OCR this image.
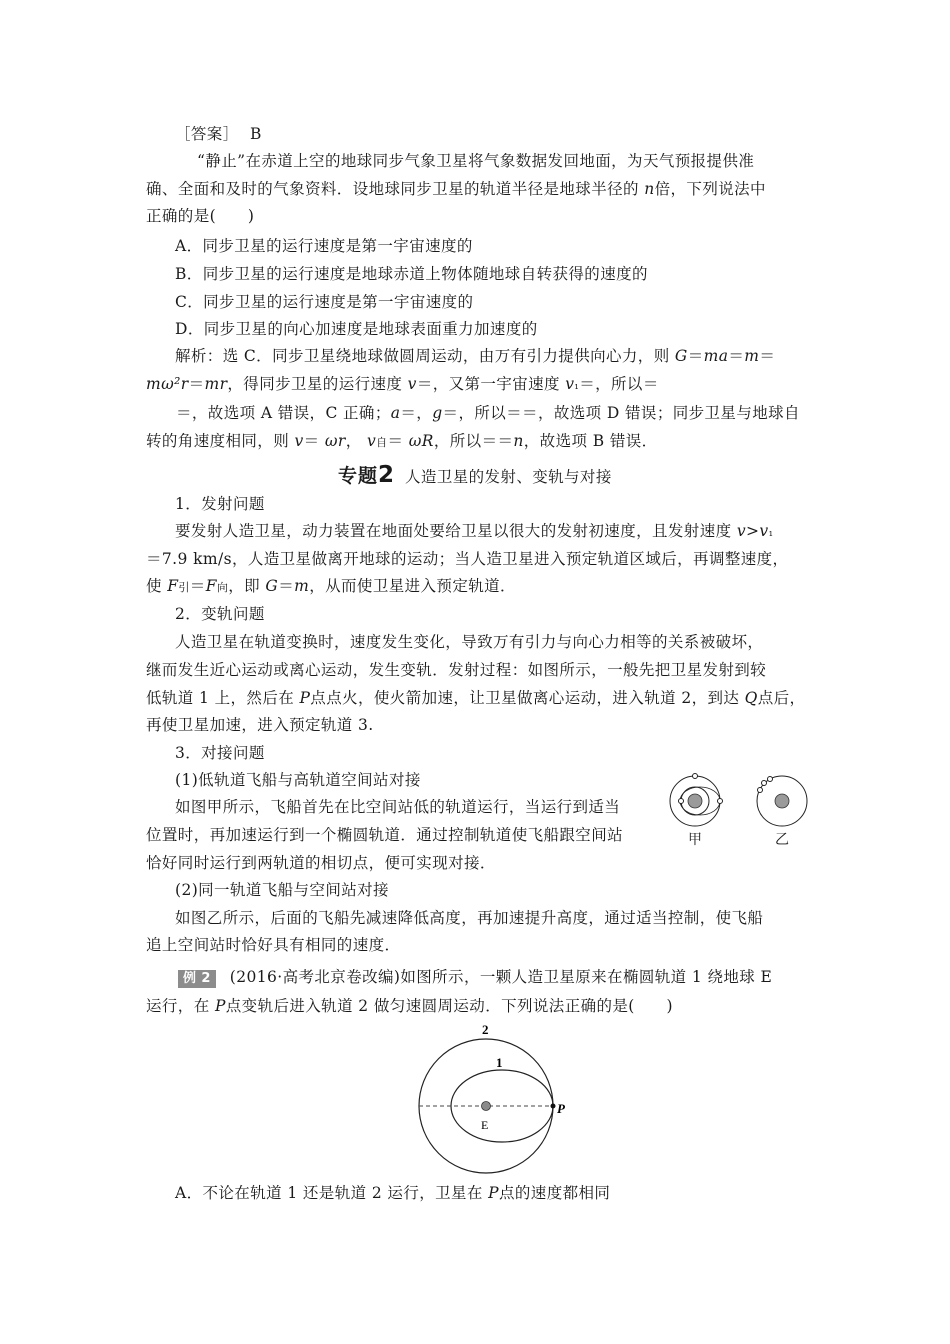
［答案］ B
“静止”在赤道上空的地球同步气象卫星将气象数据发回地面，为天气预报提供准
确、全面和及时的气象资料．设地球同步卫星的轨道半径是地球半径的 n倍，下列说法中
正确的是(　　)
A．同步卫星的运行速度是第一宇宙速度的
B．同步卫星的运行速度是地球赤道上物体随地球自转获得的速度的
C．同步卫星的运行速度是第一宇宙速度的
D．同步卫星的向心加速度是地球表面重力加速度的
解析：选 C．同步卫星绕地球做圆周运动，由万有引力提供向心力，则 G＝ma＝m＝
mω²r＝mr，得同步卫星的运行速度 v＝，又第一宇宙速度 v₁＝，所以＝
＝，故选项 A 错误，C 正确；a＝，g＝，所以＝＝，故选项 D 错误；同步卫星与地球自
转的角速度相同，则 v＝ ωr， v自＝ ωR，所以＝＝n，故选项 B 错误．
专题2 人造卫星的发射、变轨与对接
1．发射问题
要发射人造卫星，动力装置在地面处要给卫星以很大的发射初速度，且发射速度 v>v₁
＝7.9 km/s，人造卫星做离开地球的运动；当人造卫星进入预定轨道区域后，再调整速度，
使 F引＝F向，即 G＝m，从而使卫星进入预定轨道．
2．变轨问题
人造卫星在轨道变换时，速度发生变化，导致万有引力与向心力相等的关系被破坏，
继而发生近心运动或离心运动，发生变轨．发射过程：如图所示，一般先把卫星发射到较
低轨道 1 上，然后在 P点点火，使火箭加速，让卫星做离心运动，进入轨道 2，到达 Q点后，
再使卫星加速，进入预定轨道 3.
3．对接问题
(1)低轨道飞船与高轨道空间站对接
如图甲所示，飞船首先在比空间站低的轨道运行，当运行到适当
位置时，再加速运行到一个椭圆轨道．通过控制轨道使飞船跟空间站
恰好同时运行到两轨道的相切点，便可实现对接．
(2)同一轨道飞船与空间站对接
如图乙所示，后面的飞船先减速降低高度，再加速提升高度，通过适当控制，使飞船
追上空间站时恰好具有相同的速度．
甲	乙
例 2 (2016·高考北京卷改编)如图所示，一颗人造卫星原来在椭圆轨道 1 绕地球 E
运行，在 P点变轨后进入轨道 2 做匀速圆周运动．下列说法正确的是(　　)
2
1
E
P
A．不论在轨道 1 还是轨道 2 运行，卫星在 P点的速度都相同
